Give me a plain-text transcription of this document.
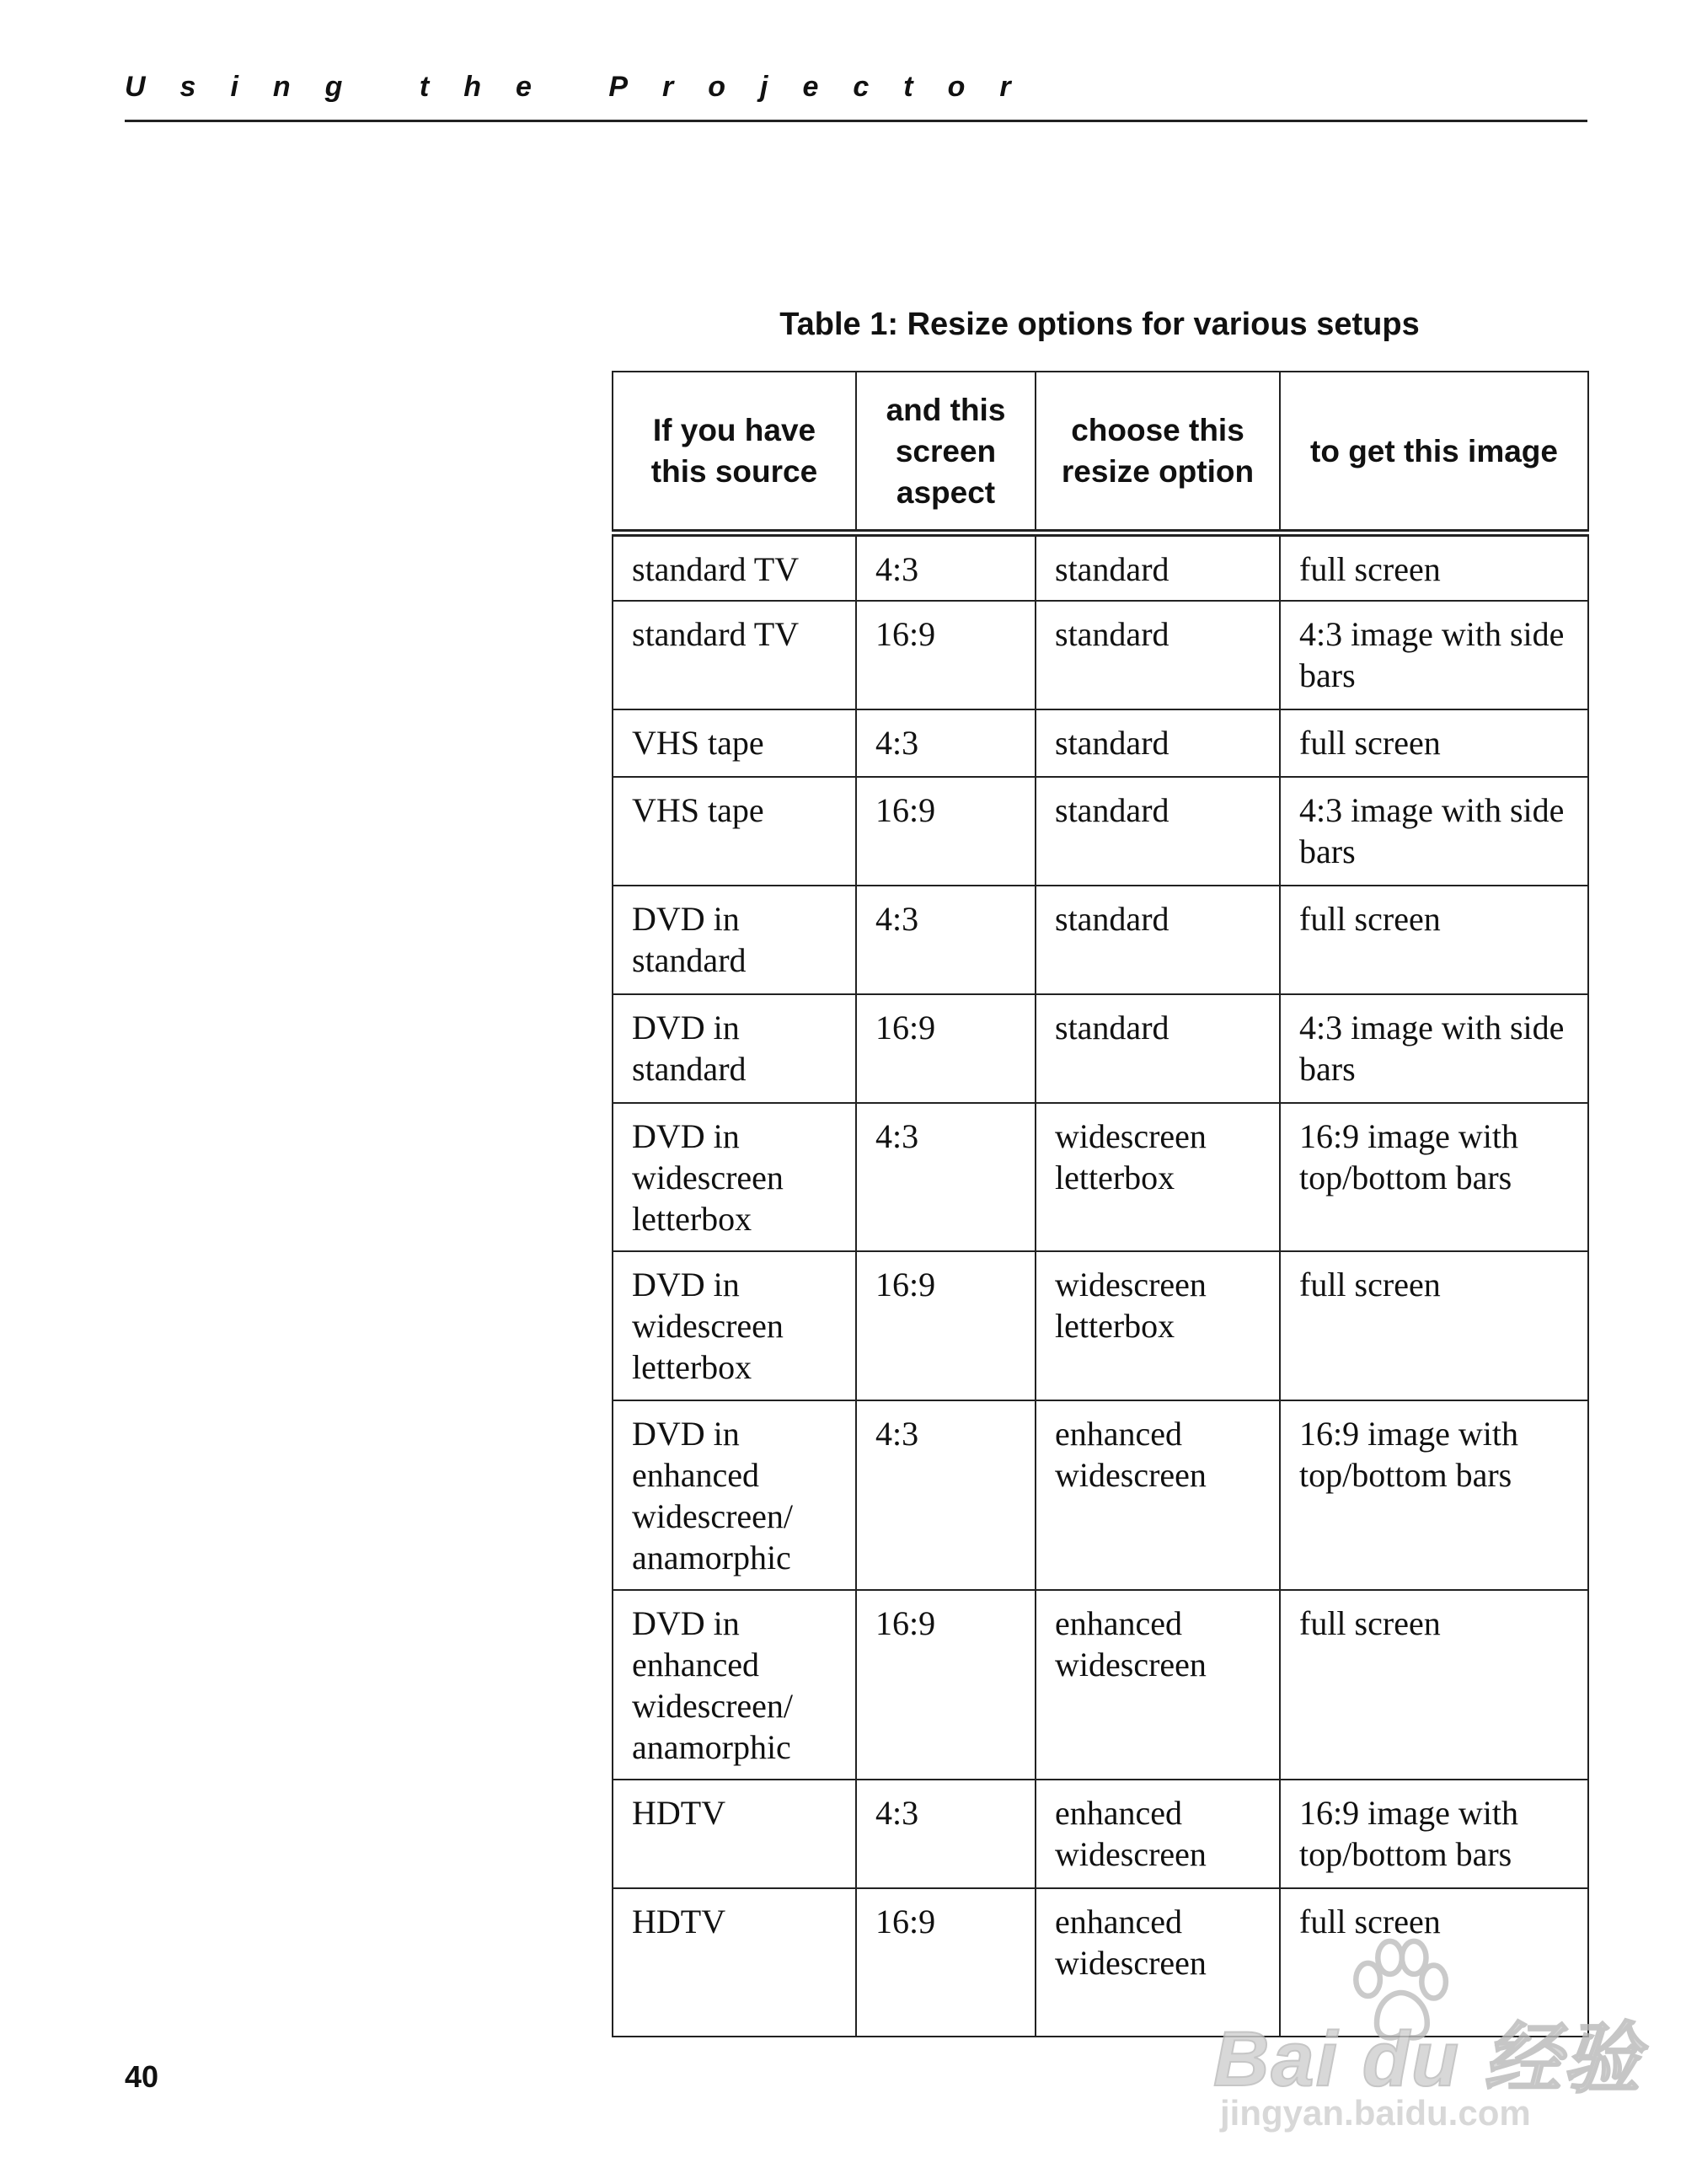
Using the Projector
Table 1: Resize options for various setups
If you have this source	and this screen aspect	choose this resize option	to get this image
standard TV	4:3	standard	full screen
standard TV	16:9	standard	4:3 image with side bars
VHS tape	4:3	standard	full screen
VHS tape	16:9	standard	4:3 image with side bars
DVD in standard	4:3	standard	full screen
DVD in standard	16:9	standard	4:3 image with side bars
DVD in widescreen letterbox	4:3	widescreen letterbox	16:9 image with top/bottom bars
DVD in widescreen letterbox	16:9	widescreen letterbox	full screen
DVD in enhanced widescreen/ anamorphic	4:3	enhanced widescreen	16:9 image with top/bottom bars
DVD in enhanced widescreen/ anamorphic	16:9	enhanced widescreen	full screen
HDTV	4:3	enhanced widescreen	16:9 image with top/bottom bars
HDTV	16:9	enhanced widescreen	full screen
40	Bai du 经验
jingyan.baidu.com
